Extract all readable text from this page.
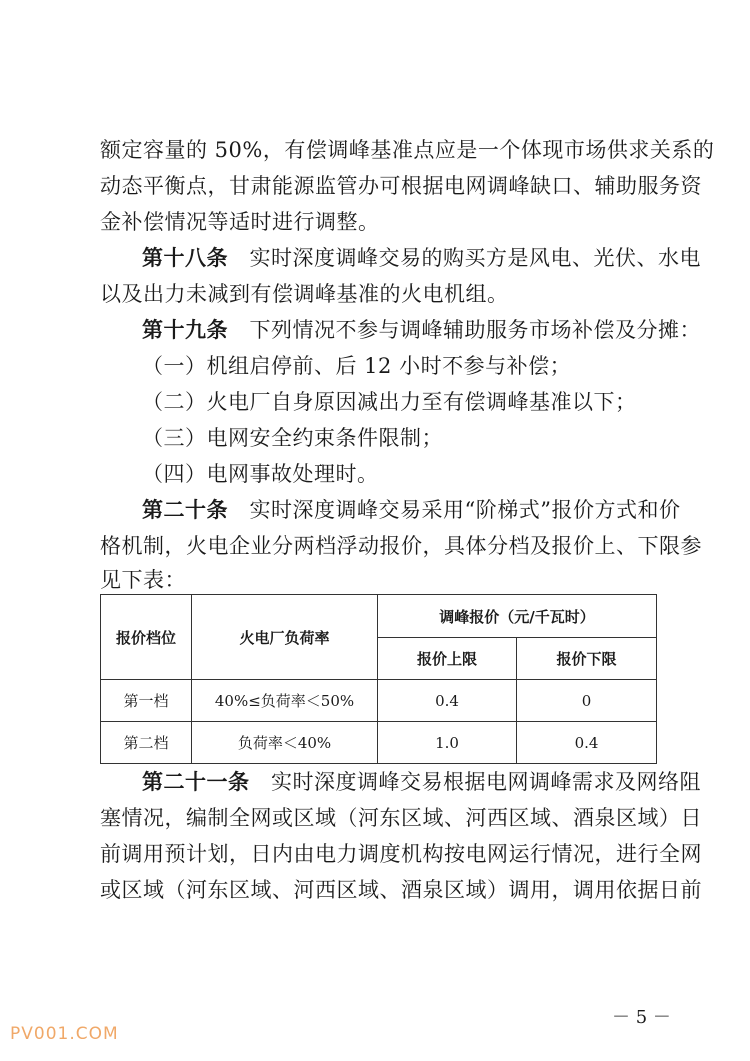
额定容量的 50%，有偿调峰基准点应是一个体现市场供求关系的
动态平衡点，甘肃能源监管办可根据电网调峰缺口、辅助服务资
金补偿情况等适时进行调整。
第十八条　 实时深度调峰交易的购买方是风电、光伏、水电
以及出力未减到有偿调峰基准的火电机组。
第十九条　 下列情况不参与调峰辅助服务市场补偿及分摊：
（一）机组启停前、后 12 小时不参与补偿；
（二）火电厂自身原因减出力至有偿调峰基准以下；
（三）电网安全约束条件限制；
（四）电网事故处理时。
第二十条　 实时深度调峰交易采用“阶梯式”报价方式和价
格机制，火电企业分两档浮动报价，具体分档及报价上、下限参
见下表：
报价档位	火电厂负荷率	调峰报价（元/千瓦时）	
		报价上限	报价下限
第一档	40%≤负荷率＜50%	0.4	0
第二档	负荷率＜40%	1.0	0.4
第二十一条　 实时深度调峰交易根据电网调峰需求及网络阻
塞情况，编制全网或区域（河东区域、河西区域、酒泉区域）日
前调用预计划，日内由电力调度机构按电网运行情况，进行全网
或区域（河东区域、河西区域、酒泉区域）调用，调用依据日前
－ 5 －
PV001.COM
